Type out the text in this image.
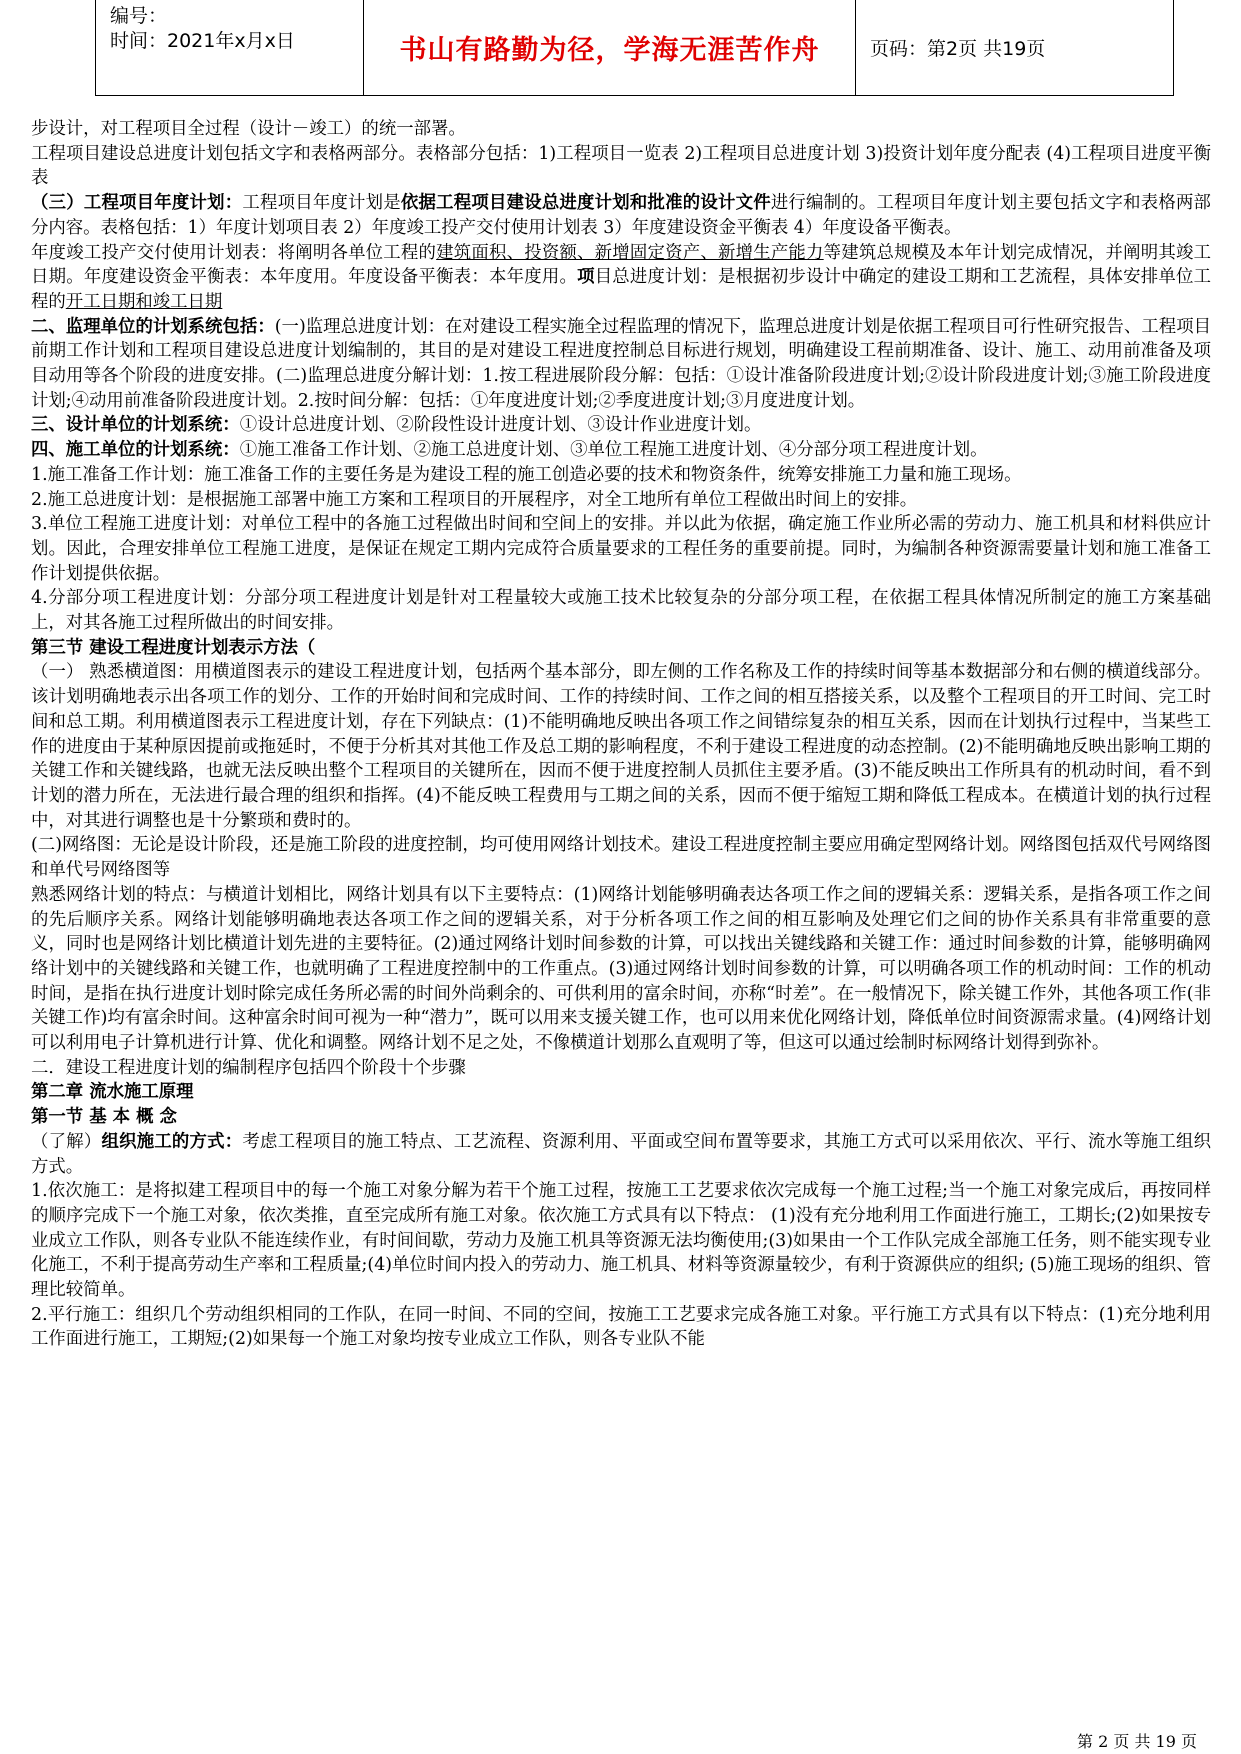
编号：
时间：2021年x月x日	书山有路勤为径，学海无涯苦作舟	页码：第2页 共19页

步设计，对工程项目全过程（设计－竣工）的统一部署。

工程项目建设总进度计划包括文字和表格两部分。表格部分包括：1)工程项目一览表 2)工程项目总进度计划 3)投资计划年度分配表 (4)工程项目进度平衡表

（三）工程项目年度计划：工程项目年度计划是依据工程项目建设总进度计划和批准的设计文件进行编制的。工程项目年度计划主要包括文字和表格两部分内容。表格包括：1）年度计划项目表 2）年度竣工投产交付使用计划表 3）年度建设资金平衡表 4）年度设备平衡表。

年度竣工投产交付使用计划表：将阐明各单位工程的建筑面积、投资额、新增固定资产、新增生产能力等建筑总规模及本年计划完成情况，并阐明其竣工日期。年度建设资金平衡表：本年度用。年度设备平衡表：本年度用。项目总进度计划：是根据初步设计中确定的建设工期和工艺流程，具体安排单位工程的开工日期和竣工日期

二、监理单位的计划系统包括：(一)监理总进度计划：在对建设工程实施全过程监理的情况下，监理总进度计划是依据工程项目可行性研究报告、工程项目前期工作计划和工程项目建设总进度计划编制的，其目的是对建设工程进度控制总目标进行规划，明确建设工程前期准备、设计、施工、动用前准备及项目动用等各个阶段的进度安排。(二)监理总进度分解计划：1.按工程进展阶段分解：包括：①设计准备阶段进度计划;②设计阶段进度计划;③施工阶段进度计划;④动用前准备阶段进度计划。2.按时间分解：包括：①年度进度计划;②季度进度计划;③月度进度计划。

三、设计单位的计划系统：①设计总进度计划、②阶段性设计进度计划、③设计作业进度计划。

四、施工单位的计划系统：①施工准备工作计划、②施工总进度计划、③单位工程施工进度计划、④分部分项工程进度计划。

1.施工准备工作计划：施工准备工作的主要任务是为建设工程的施工创造必要的技术和物资条件，统筹安排施工力量和施工现场。

2.施工总进度计划：是根据施工部署中施工方案和工程项目的开展程序，对全工地所有单位工程做出时间上的安排。

3.单位工程施工进度计划：对单位工程中的各施工过程做出时间和空间上的安排。并以此为依据，确定施工作业所必需的劳动力、施工机具和材料供应计划。因此，合理安排单位工程施工进度，是保证在规定工期内完成符合质量要求的工程任务的重要前提。同时，为编制各种资源需要量计划和施工准备工作计划提供依据。

4.分部分项工程进度计划：分部分项工程进度计划是针对工程量较大或施工技术比较复杂的分部分项工程，在依据工程具体情况所制定的施工方案基础上，对其各施工过程所做出的时间安排。

第三节 建设工程进度计划表示方法（

（一） 熟悉横道图：用横道图表示的建设工程进度计划，包括两个基本部分，即左侧的工作名称及工作的持续时间等基本数据部分和右侧的横道线部分。该计划明确地表示出各项工作的划分、工作的开始时间和完成时间、工作的持续时间、工作之间的相互搭接关系，以及整个工程项目的开工时间、完工时间和总工期。利用横道图表示工程进度计划，存在下列缺点：(1)不能明确地反映出各项工作之间错综复杂的相互关系，因而在计划执行过程中，当某些工作的进度由于某种原因提前或拖延时，不便于分析其对其他工作及总工期的影响程度，不利于建设工程进度的动态控制。(2)不能明确地反映出影响工期的关键工作和关键线路，也就无法反映出整个工程项目的关键所在，因而不便于进度控制人员抓住主要矛盾。(3)不能反映出工作所具有的机动时间，看不到计划的潜力所在，无法进行最合理的组织和指挥。(4)不能反映工程费用与工期之间的关系，因而不便于缩短工期和降低工程成本。在横道计划的执行过程中，对其进行调整也是十分繁琐和费时的。

(二)网络图：无论是设计阶段，还是施工阶段的进度控制，均可使用网络计划技术。建设工程进度控制主要应用确定型网络计划。网络图包括双代号网络图和单代号网络图等

熟悉网络计划的特点：与横道计划相比，网络计划具有以下主要特点：(1)网络计划能够明确表达各项工作之间的逻辑关系：逻辑关系，是指各项工作之间的先后顺序关系。网络计划能够明确地表达各项工作之间的逻辑关系，对于分析各项工作之间的相互影响及处理它们之间的协作关系具有非常重要的意义，同时也是网络计划比横道计划先进的主要特征。(2)通过网络计划时间参数的计算，可以找出关键线路和关键工作：通过时间参数的计算，能够明确网络计划中的关键线路和关键工作，也就明确了工程进度控制中的工作重点。(3)通过网络计划时间参数的计算，可以明确各项工作的机动时间：工作的机动时间，是指在执行进度计划时除完成任务所必需的时间外尚剩余的、可供利用的富余时间，亦称“时差”。在一般情况下，除关键工作外，其他各项工作(非关键工作)均有富余时间。这种富余时间可视为一种“潜力”，既可以用来支援关键工作，也可以用来优化网络计划，降低单位时间资源需求量。(4)网络计划可以利用电子计算机进行计算、优化和调整。网络计划不足之处，不像横道计划那么直观明了等，但这可以通过绘制时标网络计划得到弥补。

二．建设工程进度计划的编制程序包括四个阶段十个步骤

第二章 流水施工原理

第一节 基 本 概 念

（了解）组织施工的方式：考虑工程项目的施工特点、工艺流程、资源利用、平面或空间布置等要求，其施工方式可以采用依次、平行、流水等施工组织方式。

1.依次施工：是将拟建工程项目中的每一个施工对象分解为若干个施工过程，按施工工艺要求依次完成每一个施工过程;当一个施工对象完成后，再按同样的顺序完成下一个施工对象，依次类推，直至完成所有施工对象。依次施工方式具有以下特点： (1)没有充分地利用工作面进行施工，工期长;(2)如果按专业成立工作队，则各专业队不能连续作业，有时间间歇，劳动力及施工机具等资源无法均衡使用;(3)如果由一个工作队完成全部施工任务，则不能实现专业化施工，不利于提高劳动生产率和工程质量;(4)单位时间内投入的劳动力、施工机具、材料等资源量较少，有利于资源供应的组织; (5)施工现场的组织、管理比较简单。

2.平行施工：组织几个劳动组织相同的工作队，在同一时间、不同的空间，按施工工艺要求完成各施工对象。平行施工方式具有以下特点：(1)充分地利用工作面进行施工，工期短;(2)如果每一个施工对象均按专业成立工作队，则各专业队不能

第 2 页 共 19 页
